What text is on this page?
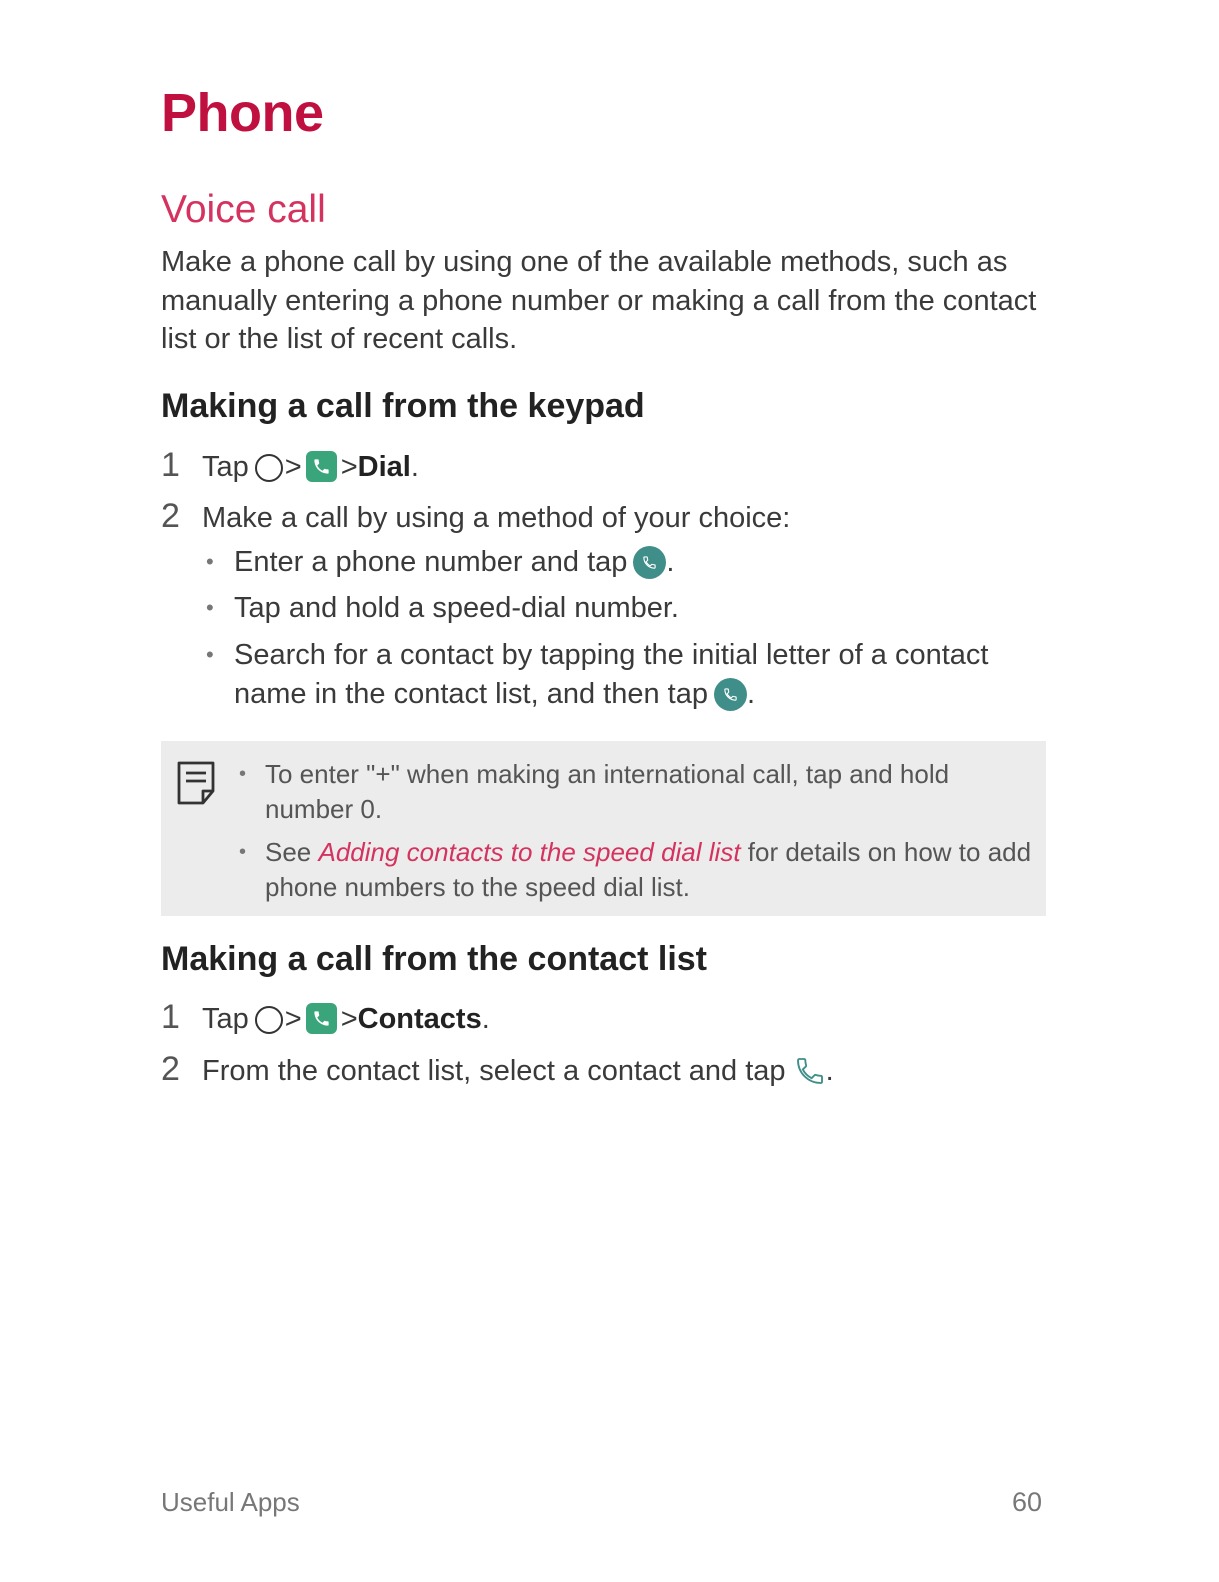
Phone
Voice call
Make a phone call by using one of the available methods, such as
manually entering a phone number or making a call from the contact
list or the list of recent calls.
Making a call from the keypad
1 Tap > >Dial.
2 Make a call by using a method of your choice:
• Enter a phone number and tap .
• Tap and hold a speed-dial number.
• Search for a contact by tapping the initial letter of a contact
name in the contact list, and then tap .
• To enter "+" when making an international call, tap and hold
number 0.
• See Adding contacts to the speed dial list for details on how to add
phone numbers to the speed dial list.
Making a call from the contact list
1 Tap > >Contacts.
2 From the contact list, select a contact and tap .
Useful Apps	60
